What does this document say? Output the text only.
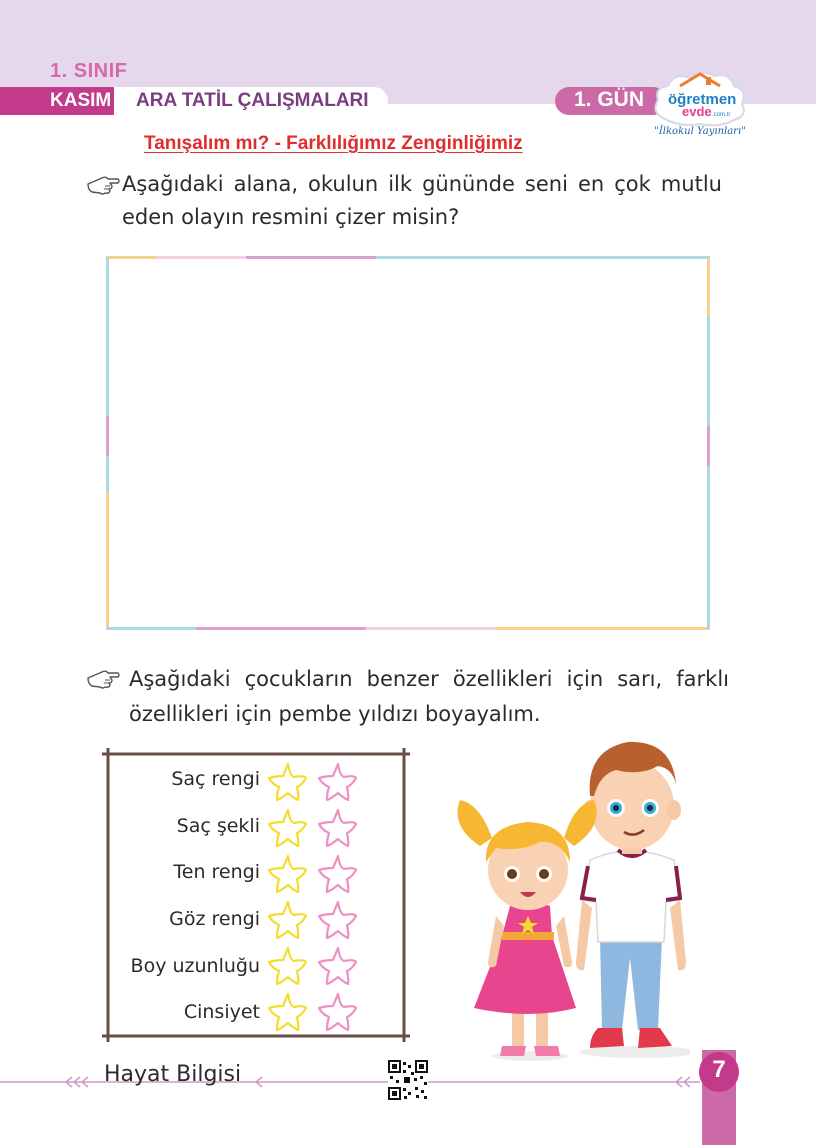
1. SINIF
KASIM ARA TATİL ÇALIŞMALARI	1. GÜN öğretmen
evde .com.tr
"İlkokul Yayınları"
Tanışalım mı? - Farklılığımız Zenginliğimiz
Aşağıdaki alana, okulun ilk gününde seni en çok mutlu
eden olayın resmini çizer misin?
Aşağıdaki çocukların benzer özellikleri için sarı, farklı
özellikleri için pembe yıldızı boyayalım.
Saç rengi
Saç şekli
Ten rengi
Göz rengi
Boy uzunluğu
Cinsiyet
Hayat Bilgisi	7
